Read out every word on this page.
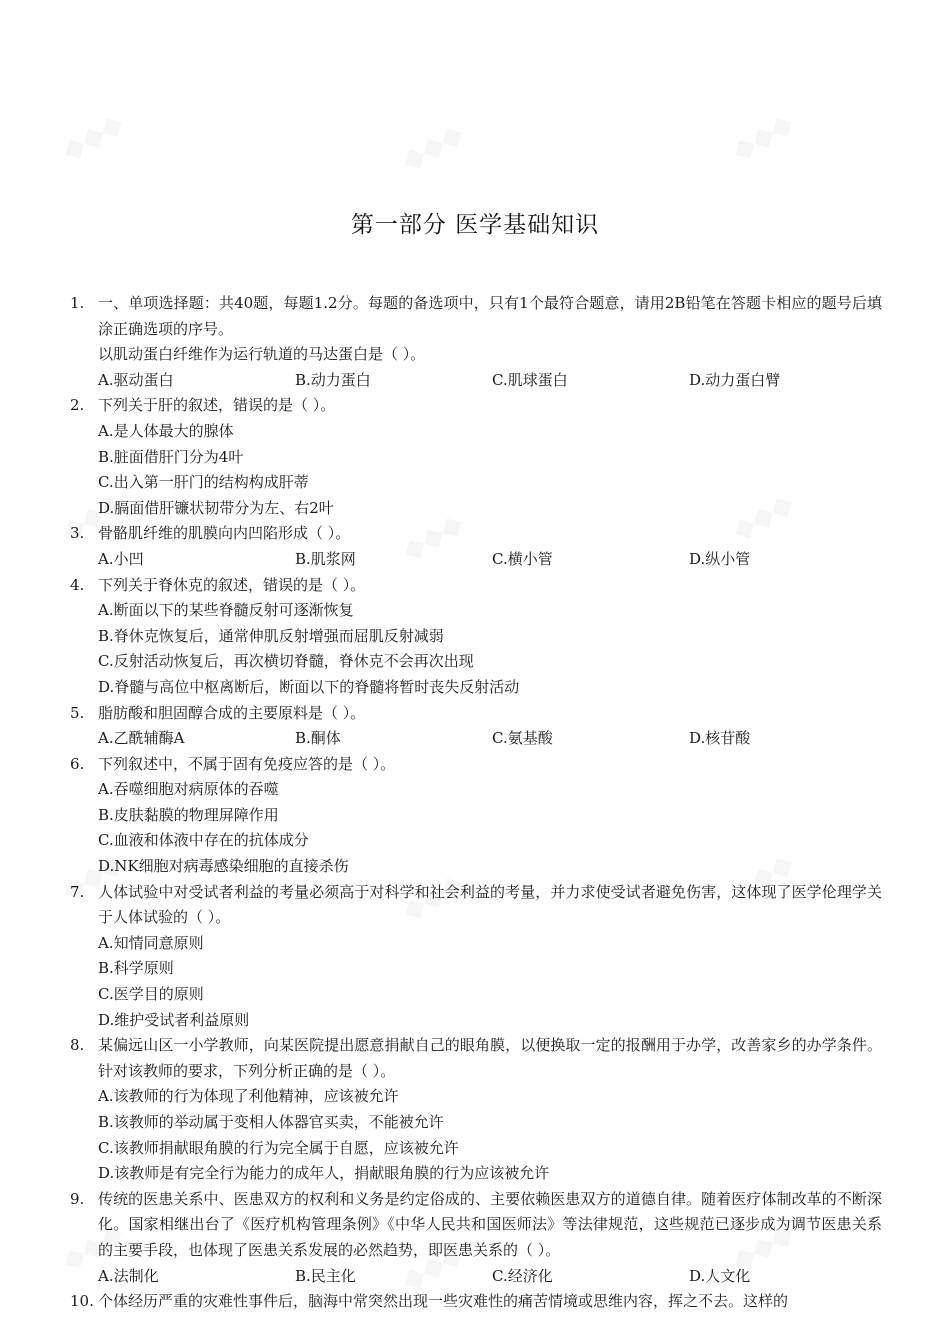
第一部分 医学基础知识
1. 一、单项选择题：共40题，每题1.2分。每题的备选项中，只有1个最符合题意，请用2B铅笔在答题卡相应的题号后填涂正确选项的序号。
以肌动蛋白纤维作为运行轨道的马达蛋白是（ ）。
A.驱动蛋白	B.动力蛋白	C.肌球蛋白	D.动力蛋白臂
2. 下列关于肝的叙述，错误的是（ ）。
A.是人体最大的腺体
B.脏面借肝门分为4叶
C.出入第一肝门的结构构成肝蒂
D.膈面借肝镰状韧带分为左、右2叶
3. 骨骼肌纤维的肌膜向内凹陷形成（ ）。
A.小凹	B.肌浆网	C.横小管	D.纵小管
4. 下列关于脊休克的叙述，错误的是（ ）。
A.断面以下的某些脊髓反射可逐渐恢复
B.脊休克恢复后，通常伸肌反射增强而屈肌反射减弱
C.反射活动恢复后，再次横切脊髓，脊休克不会再次出现
D.脊髓与高位中枢离断后，断面以下的脊髓将暂时丧失反射活动
5. 脂肪酸和胆固醇合成的主要原料是（ ）。
A.乙酰辅酶A	B.酮体	C.氨基酸	D.核苷酸
6. 下列叙述中，不属于固有免疫应答的是（ ）。
A.吞噬细胞对病原体的吞噬
B.皮肤黏膜的物理屏障作用
C.血液和体液中存在的抗体成分
D.NK细胞对病毒感染细胞的直接杀伤
7. 人体试验中对受试者利益的考量必须高于对科学和社会利益的考量，并力求使受试者避免伤害，这体现了医学伦理学关于人体试验的（ ）。
A.知情同意原则
B.科学原则
C.医学目的原则
D.维护受试者利益原则
8. 某偏远山区一小学教师，向某医院提出愿意捐献自己的眼角膜，以便换取一定的报酬用于办学，改善家乡的办学条件。针对该教师的要求，下列分析正确的是（ ）。
A.该教师的行为体现了利他精神，应该被允许
B.该教师的举动属于变相人体器官买卖，不能被允许
C.该教师捐献眼角膜的行为完全属于自愿，应该被允许
D.该教师是有完全行为能力的成年人，捐献眼角膜的行为应该被允许
9. 传统的医患关系中、医患双方的权利和义务是约定俗成的、主要依赖医患双方的道德自律。随着医疗体制改革的不断深化。国家相继出台了《医疗机构管理条例》《中华人民共和国医师法》等法律规范，这些规范已逐步成为调节医患关系的主要手段，也体现了医患关系发展的必然趋势，即医患关系的（ ）。
A.法制化	B.民主化	C.经济化	D.人文化
10. 个体经历严重的灾难性事件后，脑海中常突然出现一些灾难性的痛苦情境或思维内容，挥之不去。这样的
